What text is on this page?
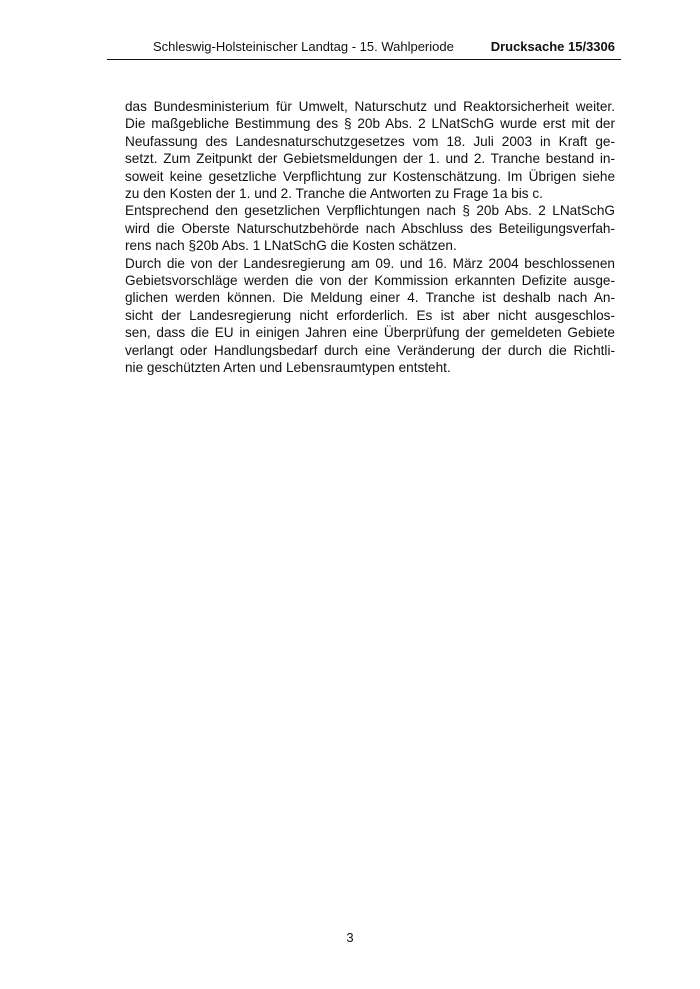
Schleswig-Holsteinischer Landtag - 15. Wahlperiode	Drucksache 15/3306
das Bundesministerium für Umwelt, Naturschutz und Reaktorsicherheit weiter.
Die maßgebliche Bestimmung des § 20b Abs. 2 LNatSchG wurde erst mit der
Neufassung des Landesnaturschutzgesetzes vom 18. Juli 2003 in Kraft ge-
setzt. Zum Zeitpunkt der Gebietsmeldungen der 1. und 2. Tranche bestand in-
soweit keine gesetzliche Verpflichtung zur Kostenschätzung. Im Übrigen siehe
zu den Kosten der 1. und 2. Tranche die Antworten zu Frage 1a bis c.
Entsprechend den gesetzlichen Verpflichtungen nach § 20b Abs. 2 LNatSchG
wird die Oberste Naturschutzbehörde nach Abschluss des Beteiligungsverfah-
rens nach §20b Abs. 1 LNatSchG die Kosten schätzen.
Durch die von der Landesregierung am 09. und 16. März 2004 beschlossenen
Gebietsvorschläge werden die von der Kommission erkannten Defizite ausge-
glichen werden können. Die Meldung einer 4. Tranche ist deshalb nach An-
sicht der Landesregierung nicht erforderlich. Es ist aber nicht ausgeschlos-
sen, dass die EU in einigen Jahren eine Überprüfung der gemeldeten Gebiete
verlangt oder Handlungsbedarf durch eine Veränderung der durch die Richtli-
nie geschützten Arten und Lebensraumtypen entsteht.
3
